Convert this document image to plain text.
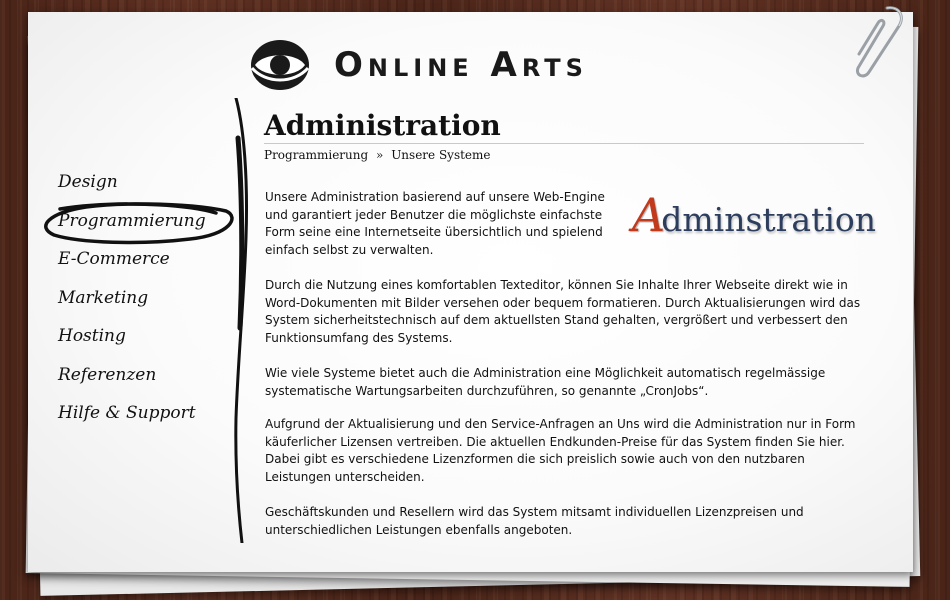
Online Arts
Design
Programmierung
E-Commerce
Marketing
Hosting
Referenzen
Hilfe & Support
Administration
Programmierung » Unsere Systeme
A
dminstration

Unsere Administration basierend auf unsere Web-Engine und garantiert jeder Benutzer die möglichste einfachste Form seine eine Internetseite übersichtlich und spielend einfach selbst zu verwalten.

Durch die Nutzung eines komfortablen Texteditor, können Sie Inhalte Ihrer Webseite direkt wie in Word-Dokumenten mit Bilder versehen oder bequem formatieren. Durch Aktualisierungen wird das System sicherheitstechnisch auf dem aktuellsten Stand gehalten, vergrößert und verbessert den Funktionsumfang des Systems.

Wie viele Systeme bietet auch die Administration eine Möglichkeit automatisch regelmässige systematische Wartungsarbeiten durchzuführen, so genannte „CronJobs“.

Aufgrund der Aktualisierung und den Service-Anfragen an Uns wird die Administration nur in Form käuferlicher Lizensen vertreiben. Die aktuellen Endkunden-Preise für das System finden Sie hier. Dabei gibt es verschiedene Lizenzformen die sich preislich sowie auch von den nutzbaren Leistungen unterscheiden.

Geschäftskunden und Resellern wird das System mitsamt individuellen Lizenzpreisen und unterschiedlichen Leistungen ebenfalls angeboten.
